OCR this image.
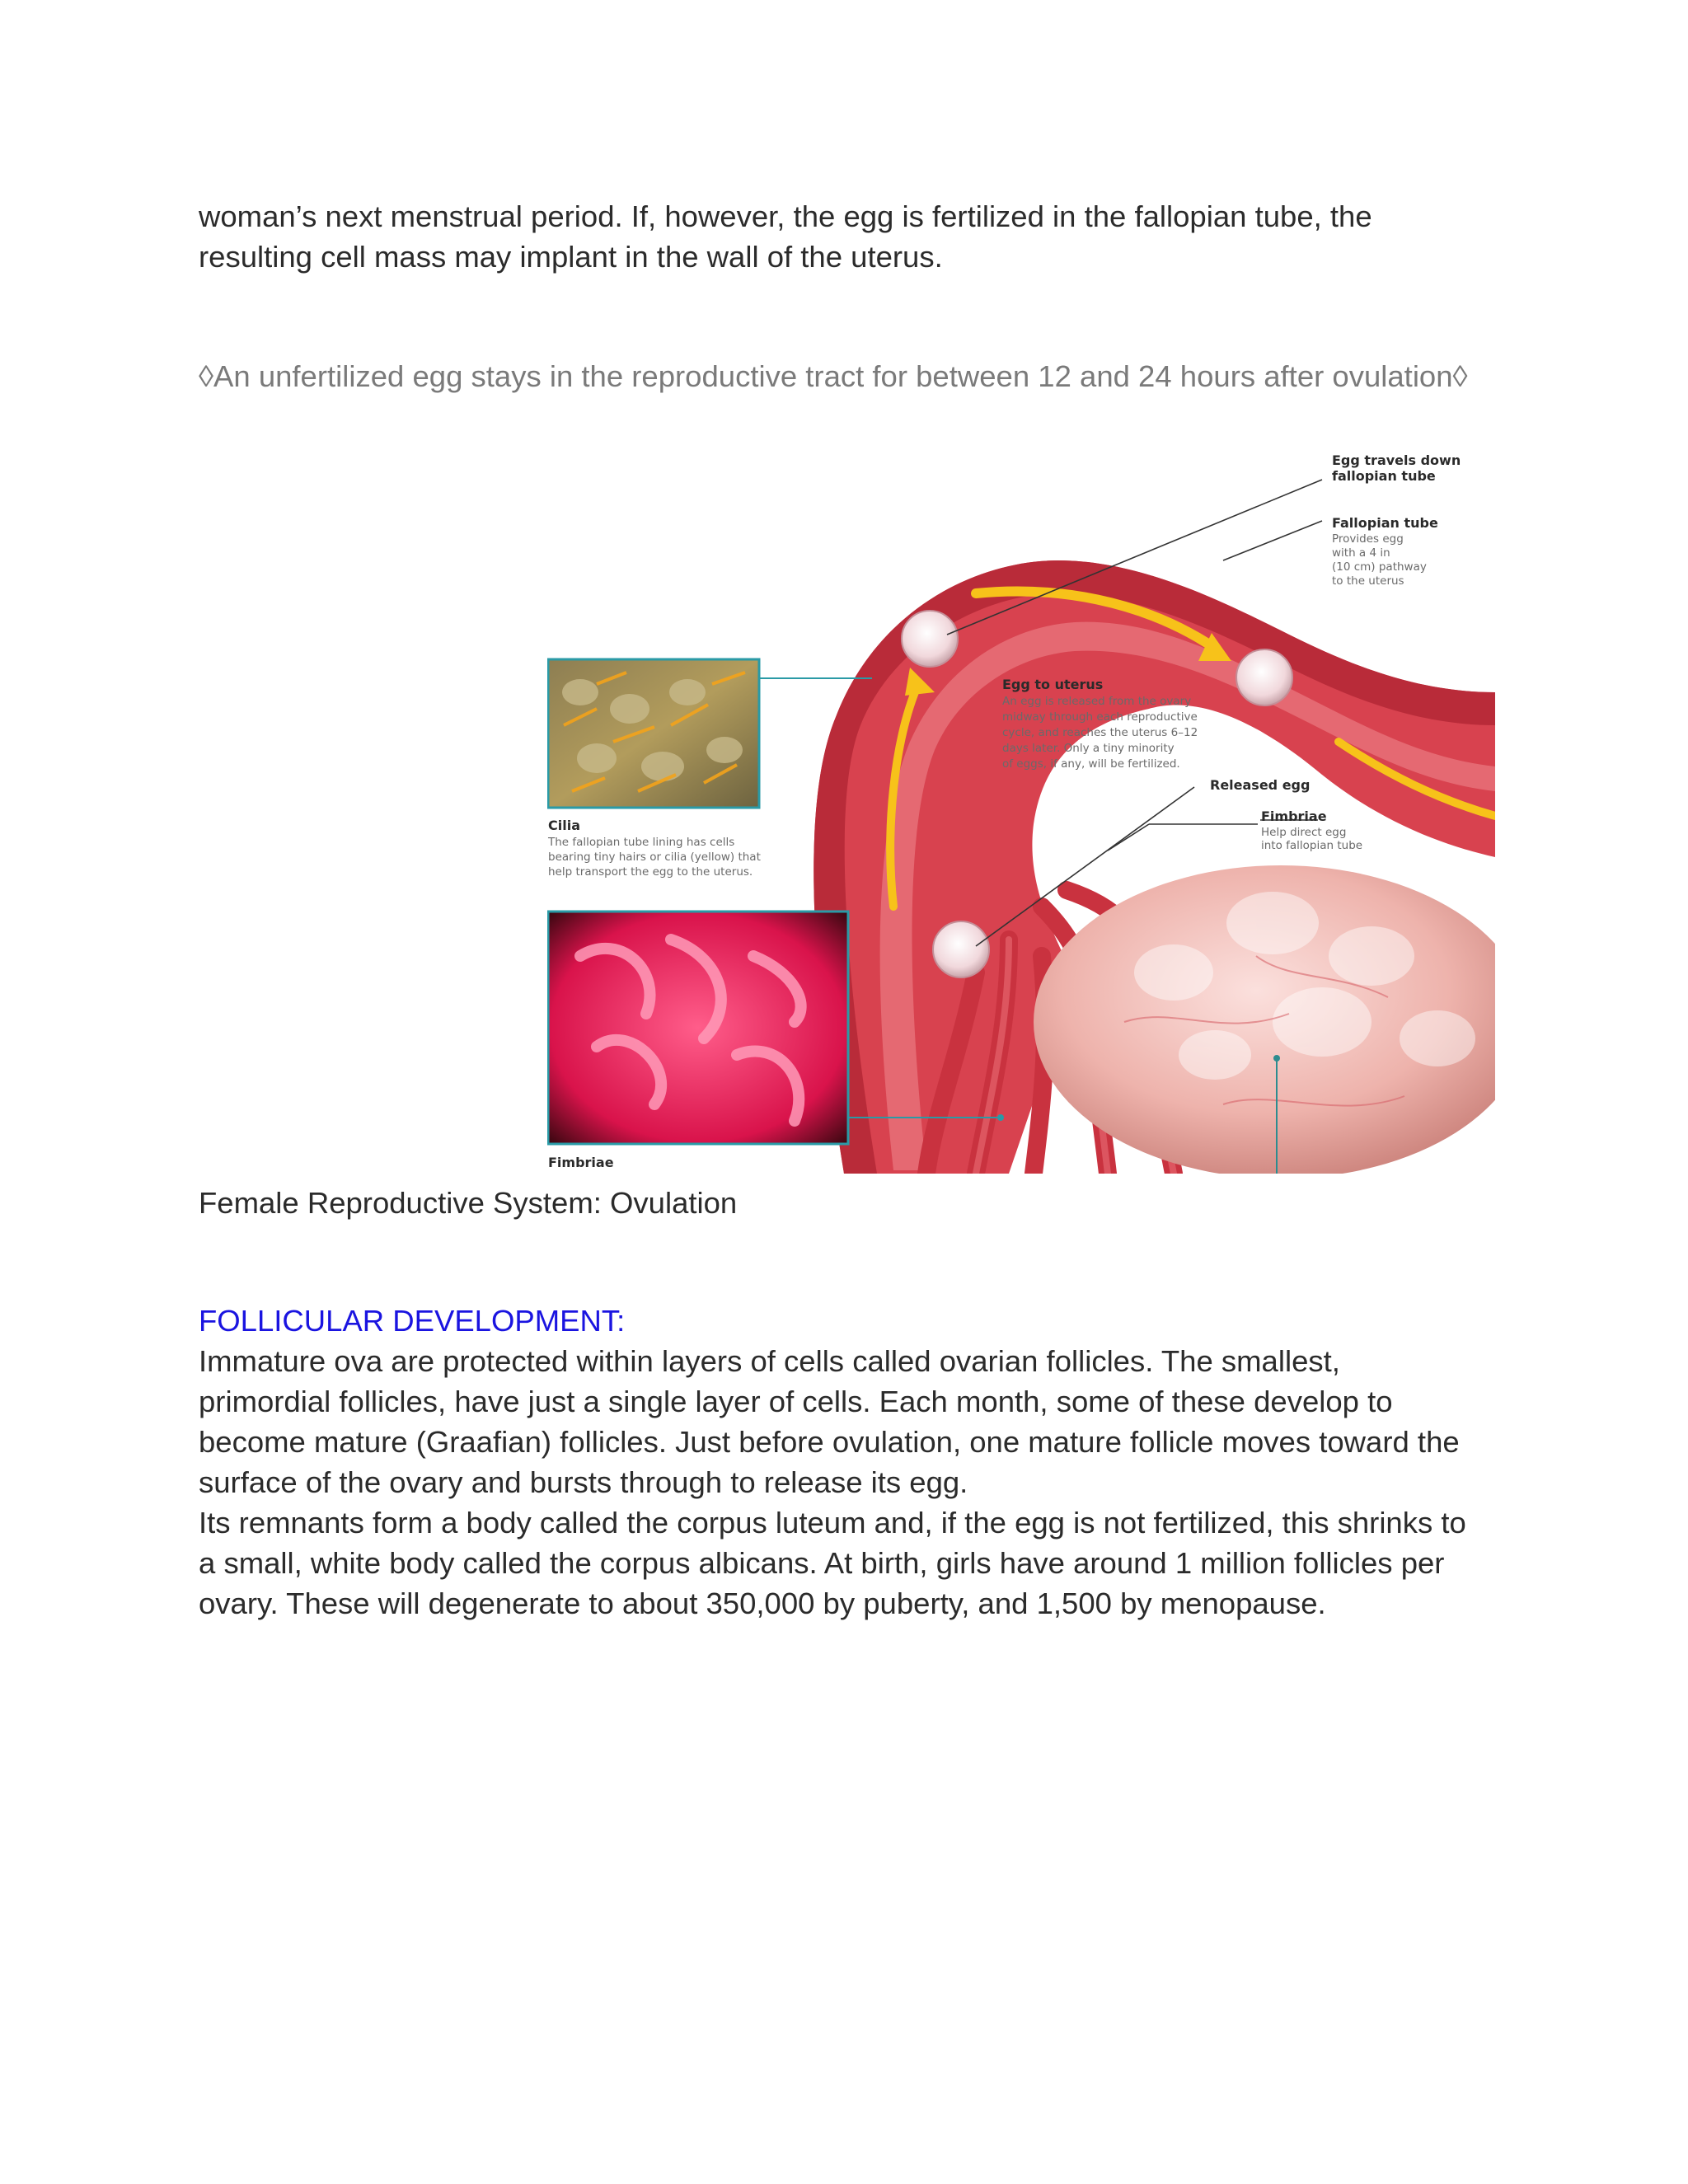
woman’s next menstrual period. If, however, the egg is fertilized in the fallopian tube, the
resulting cell mass may implant in the wall of the uterus.

◊An unfertilized egg stays in the reproductive tract for between 12 and 24 hours after ovulation◊

Egg travels down
fallopian tube
Fallopian tube
Provides egg
with a 4 in
(10 cm) pathway
to the uterus
Egg to uterus
An egg is released from the ovary
midway through each reproductive
cycle, and reaches the uterus 6–12
days later. Only a tiny minority
of eggs, if any, will be fertilized.
Released egg
Fimbriae
Help direct egg
into fallopian tube
Cilia
The fallopian tube lining has cells
bearing tiny hairs or cilia (yellow) that
help transport the egg to the uterus.
Fimbriae

Female Reproductive System: Ovulation

FOLLICULAR DEVELOPMENT:

Immature ova are protected within layers of cells called ovarian follicles. The smallest,
primordial follicles, have just a single layer of cells. Each month, some of these develop to
become mature (Graafian) follicles. Just before ovulation, one mature follicle moves toward the
surface of the ovary and bursts through to release its egg.

Its remnants form a body called the corpus luteum and, if the egg is not fertilized, this shrinks to
a small, white body called the corpus albicans. At birth, girls have around 1 million follicles per
ovary. These will degenerate to about 350,000 by puberty, and 1,500 by menopause.
